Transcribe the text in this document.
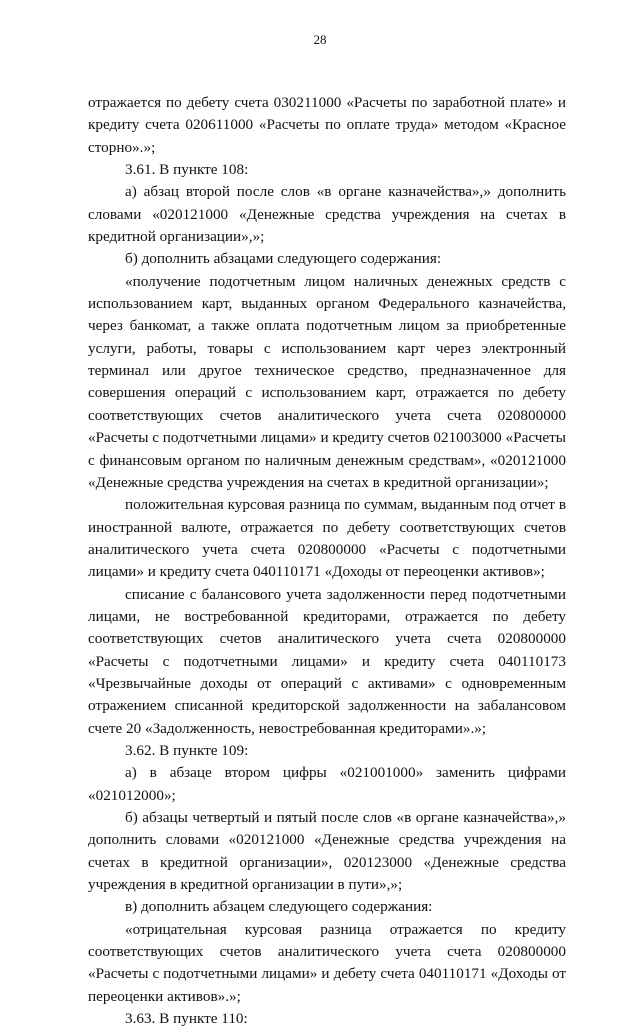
28

отражается по дебету счета 030211000 «Расчеты по заработной плате» и кредиту счета 020611000 «Расчеты по оплате труда» методом «Красное сторно».»;

3.61. В пункте 108:

а) абзац второй после слов «в органе казначейства»,» дополнить словами «020121000 «Денежные средства учреждения на счетах в кредитной организации»,»;

б) дополнить абзацами следующего содержания:

«получение подотчетным лицом наличных денежных средств с использованием карт, выданных органом Федерального казначейства, через банкомат, а также оплата подотчетным лицом за приобретенные услуги, работы, товары с использованием карт через электронный терминал или другое техническое средство, предназначенное для совершения операций с использованием карт, отражается по дебету соответствующих счетов аналитического учета счета 020800000 «Расчеты с подотчетными лицами» и кредиту счетов 021003000 «Расчеты с финансовым органом по наличным денежным средствам», «020121000 «Денежные средства учреждения на счетах в кредитной организации»;

положительная курсовая разница по суммам, выданным под отчет в иностранной валюте, отражается по дебету соответствующих счетов аналитического учета счета 020800000 «Расчеты с подотчетными лицами» и кредиту счета 040110171 «Доходы от переоценки активов»;

списание с балансового учета задолженности перед подотчетными лицами, не востребованной кредиторами, отражается по дебету соответствующих счетов аналитического учета счета 020800000 «Расчеты с подотчетными лицами» и кредиту счета 040110173 «Чрезвычайные доходы от операций с активами» с одновременным отражением списанной кредиторской задолженности на забалансовом счете 20 «Задолженность, невостребованная кредиторами».»;

3.62. В пункте 109:

а) в абзаце втором цифры «021001000» заменить цифрами «021012000»;

б) абзацы четвертый и пятый после слов «в органе казначейства»,» дополнить словами «020121000 «Денежные средства учреждения на счетах в кредитной организации», 020123000 «Денежные средства учреждения в кредитной организации в пути»,»;

в) дополнить абзацем следующего содержания:

«отрицательная курсовая разница отражается по кредиту соответствующих счетов аналитического учета счета 020800000 «Расчеты с подотчетными лицами» и дебету счета 040110171 «Доходы от переоценки активов».»;

3.63. В пункте 110:
